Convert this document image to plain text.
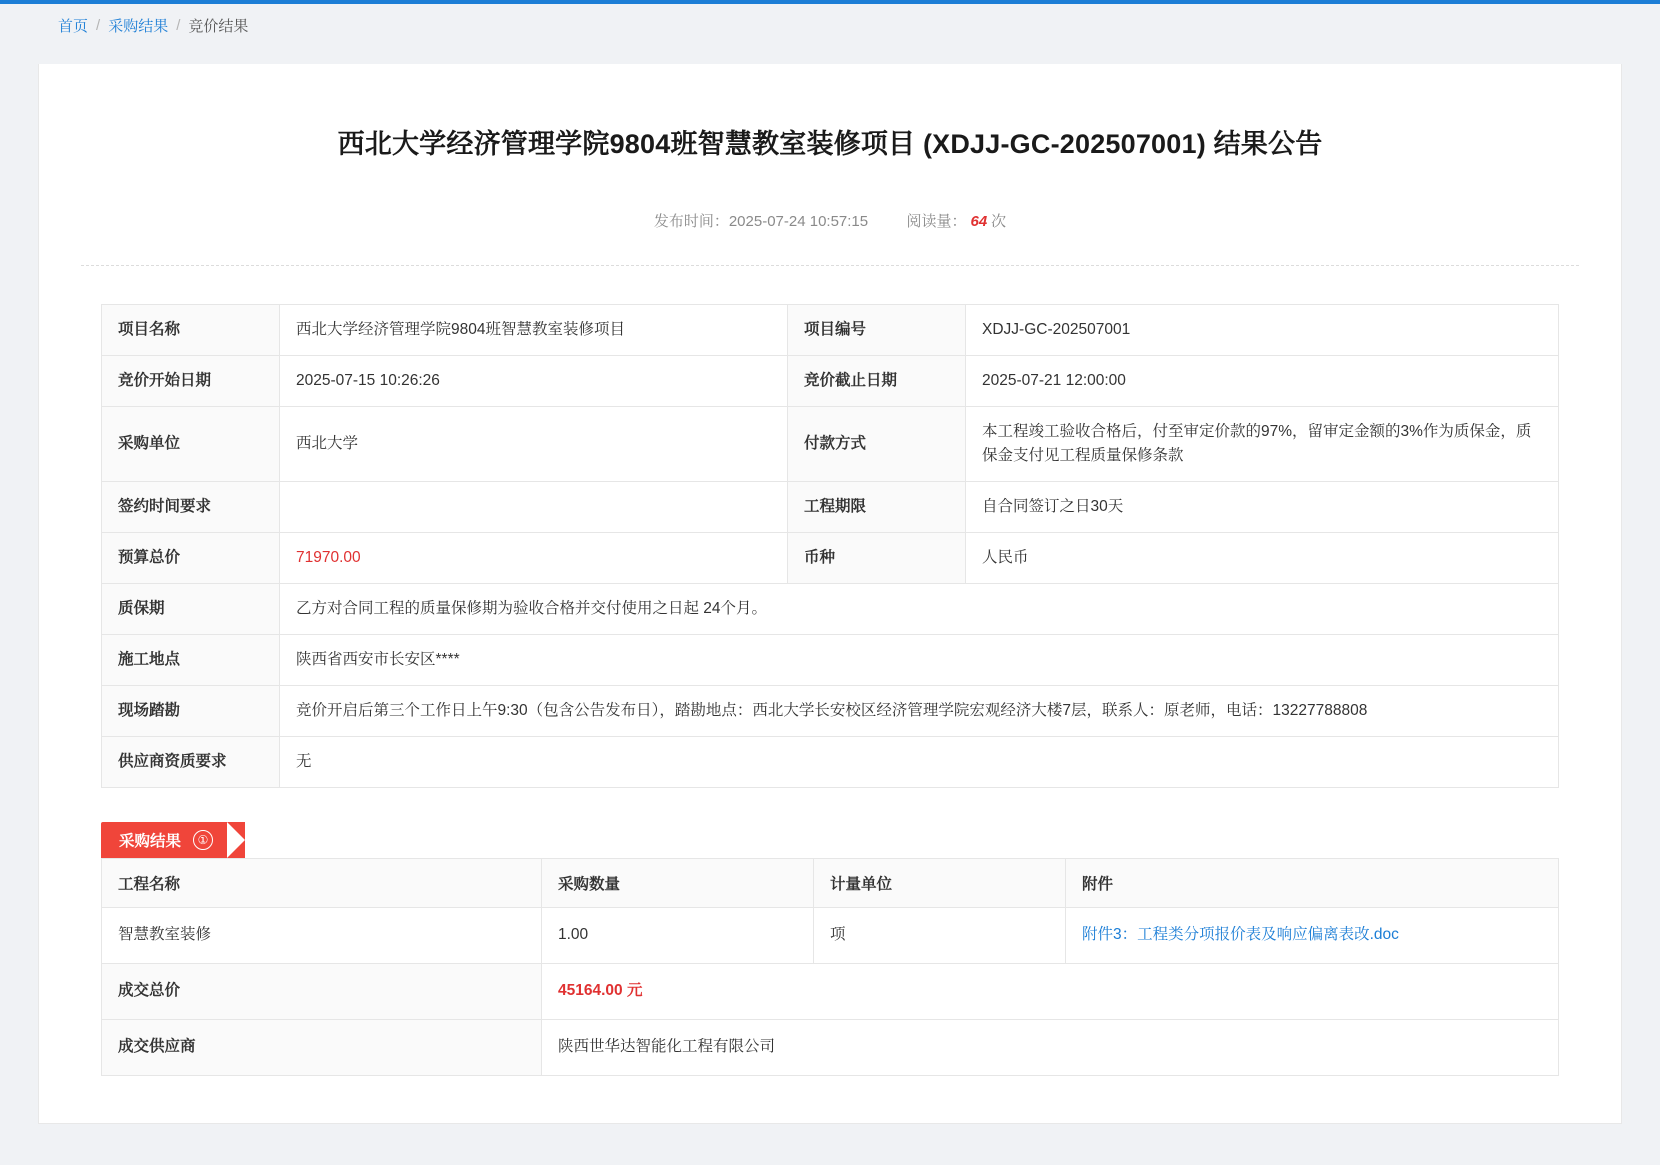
首页 / 采购结果 / 竞价结果
西北大学经济管理学院9804班智慧教室装修项目 (XDJJ-GC-202507001) 结果公告
发布时间：2025-07-24 10:57:15	阅读量： 64 次
项目名称	西北大学经济管理学院9804班智慧教室装修项目	项目编号	XDJJ-GC-202507001
竞价开始日期	2025-07-15 10:26:26	竞价截止日期	2025-07-21 12:00:00
采购单位	西北大学	付款方式	本工程竣工验收合格后，付至审定价款的97%，留审定金额的3%作为质保金，质保金支付见工程质量保修条款
签约时间要求		工程期限	自合同签订之日30天
预算总价	71970.00	币种	人民币
质保期	乙方对合同工程的质量保修期为验收合格并交付使用之日起 24个月。		
施工地点	陕西省西安市长安区****		
现场踏勘	竞价开启后第三个工作日上午9:30（包含公告发布日），踏勘地点：西北大学长安校区经济管理学院宏观经济大楼7层，联系人：原老师，电话：13227788808		
供应商资质要求	无		
采购结果	①
工程名称	采购数量	计量单位	附件
智慧教室装修	1.00	项	附件3：工程类分项报价表及响应偏离表改.doc
成交总价	45164.00 元		
成交供应商	陕西世华达智能化工程有限公司		
